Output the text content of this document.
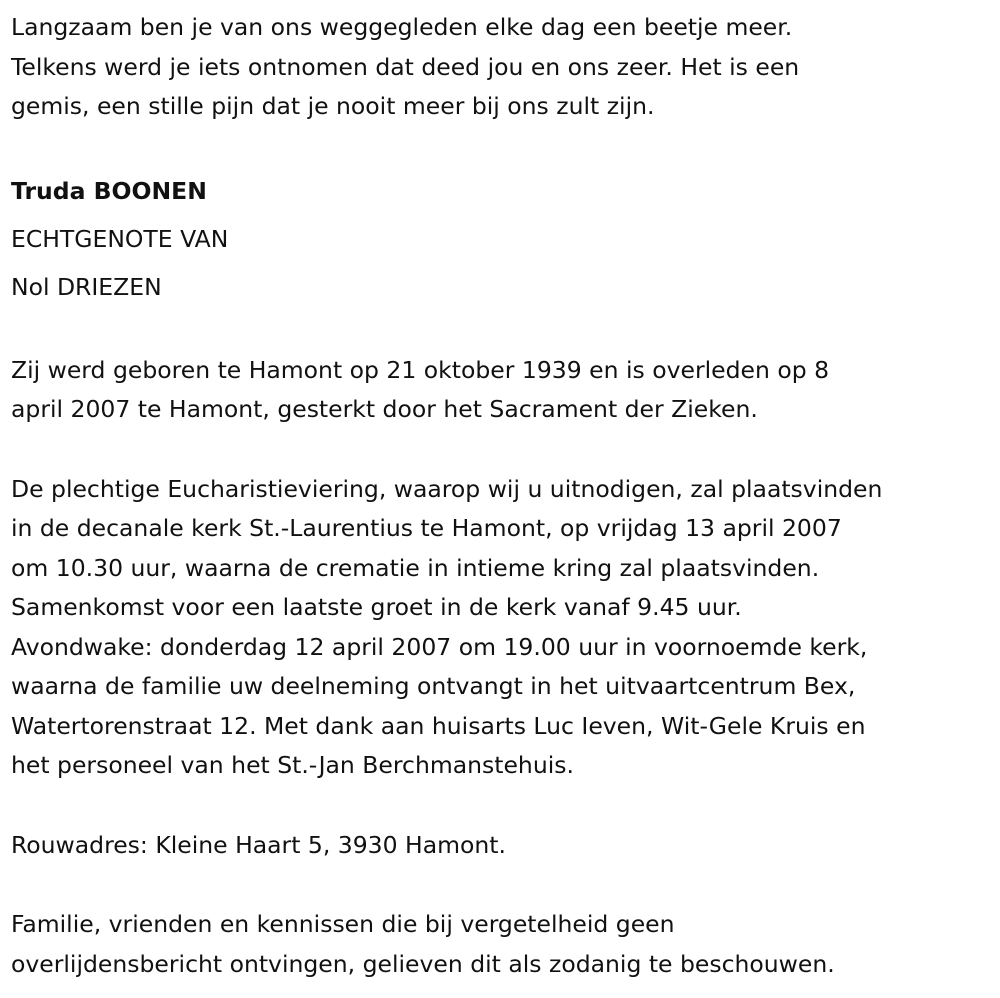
Langzaam ben je van ons weggegleden elke dag een beetje meer.
Telkens werd je iets ontnomen dat deed jou en ons zeer. Het is een
gemis, een stille pijn dat je nooit meer bij ons zult zijn.
Truda BOONEN
ECHTGENOTE VAN
Nol DRIEZEN
Zij werd geboren te Hamont op 21 oktober 1939 en is overleden op 8
april 2007 te Hamont, gesterkt door het Sacrament der Zieken.
De plechtige Eucharistieviering, waarop wij u uitnodigen, zal plaatsvinden
in de decanale kerk St.-Laurentius te Hamont, op vrijdag 13 april 2007
om 10.30 uur, waarna de crematie in intieme kring zal plaatsvinden.
Samenkomst voor een laatste groet in de kerk vanaf 9.45 uur.
Avondwake: donderdag 12 april 2007 om 19.00 uur in voornoemde kerk,
waarna de familie uw deelneming ontvangt in het uitvaartcentrum Bex,
Watertorenstraat 12. Met dank aan huisarts Luc Ieven, Wit-Gele Kruis en
het personeel van het St.-Jan Berchmanstehuis.
Rouwadres: Kleine Haart 5, 3930 Hamont.
Familie, vrienden en kennissen die bij vergetelheid geen
overlijdensbericht ontvingen, gelieven dit als zodanig te beschouwen.
